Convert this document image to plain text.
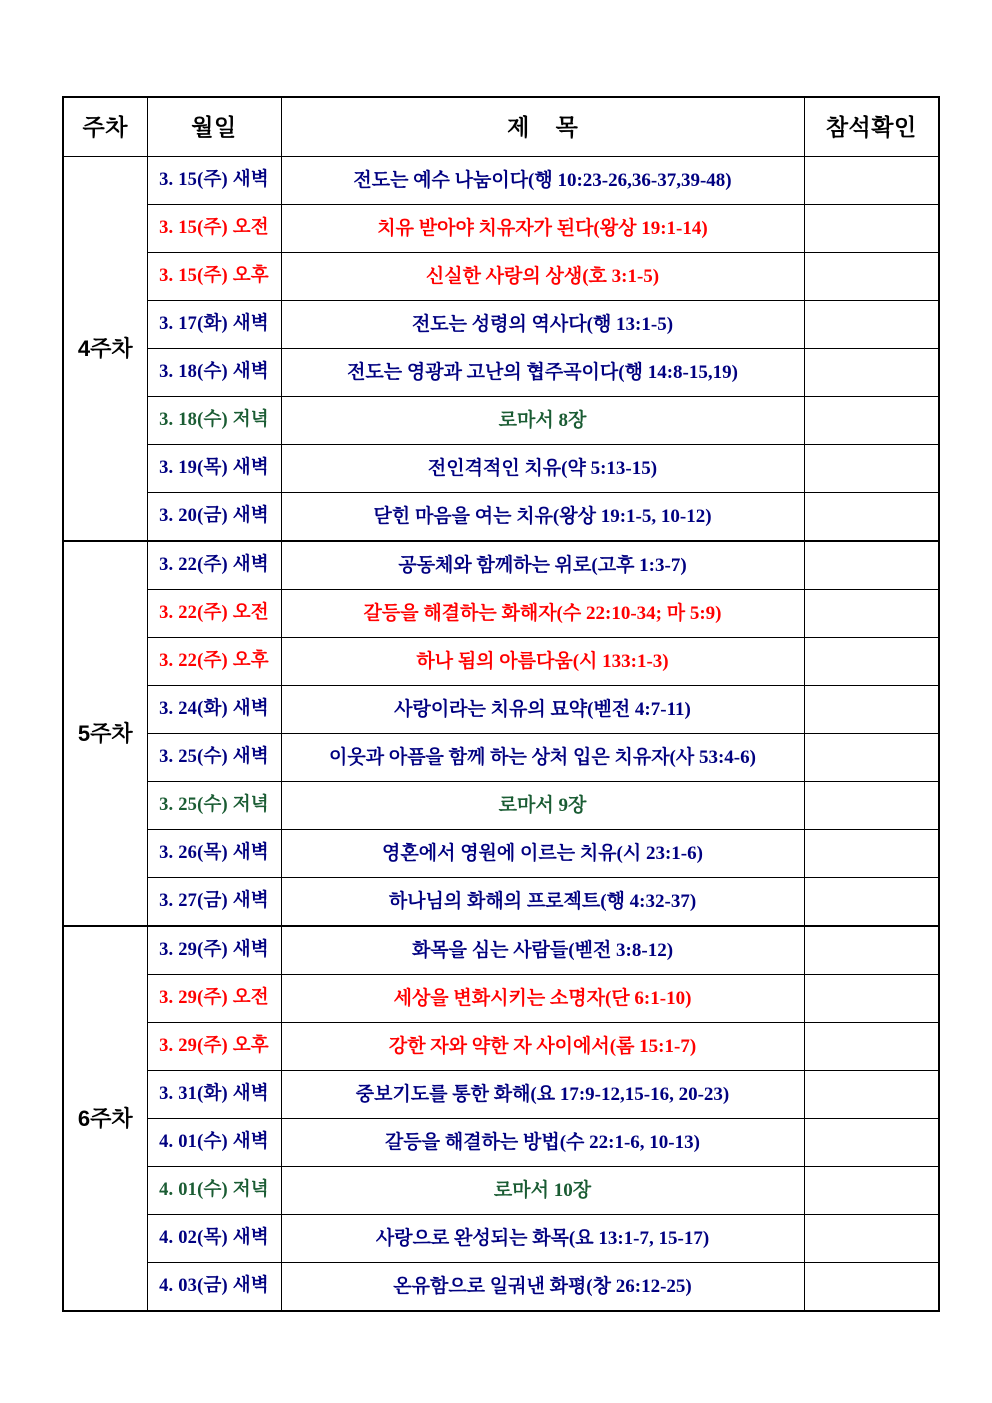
주차	월일	제 목	참석확인
4주차	3. 15(주) 새벽	전도는 예수 나눔이다(행 10:23-26,36-37,39-48)	
	3. 15(주) 오전	치유 받아야 치유자가 된다(왕상 19:1-14)	
	3. 15(주) 오후	신실한 사랑의 상생(호 3:1-5)	
	3. 17(화) 새벽	전도는 성령의 역사다(행 13:1-5)	
	3. 18(수) 새벽	전도는 영광과 고난의 협주곡이다(행 14:8-15,19)	
	3. 18(수) 저녁	로마서 8장	
	3. 19(목) 새벽	전인격적인 치유(약 5:13-15)	
	3. 20(금) 새벽	닫힌 마음을 여는 치유(왕상 19:1-5, 10-12)	
5주차	3. 22(주) 새벽	공동체와 함께하는 위로(고후 1:3-7)	
	3. 22(주) 오전	갈등을 해결하는 화해자(수 22:10-34; 마 5:9)	
	3. 22(주) 오후	하나 됨의 아름다움(시 133:1-3)	
	3. 24(화) 새벽	사랑이라는 치유의 묘약(벧전 4:7-11)	
	3. 25(수) 새벽	이웃과 아픔을 함께 하는 상처 입은 치유자(사 53:4-6)	
	3. 25(수) 저녁	로마서 9장	
	3. 26(목) 새벽	영혼에서 영원에 이르는 치유(시 23:1-6)	
	3. 27(금) 새벽	하나님의 화해의 프로젝트(행 4:32-37)	
6주차	3. 29(주) 새벽	화목을 심는 사람들(벧전 3:8-12)	
	3. 29(주) 오전	세상을 변화시키는 소명자(단 6:1-10)	
	3. 29(주) 오후	강한 자와 약한 자 사이에서(롬 15:1-7)	
	3. 31(화) 새벽	중보기도를 통한 화해(요 17:9-12,15-16, 20-23)	
	4. 01(수) 새벽	갈등을 해결하는 방법(수 22:1-6, 10-13)	
	4. 01(수) 저녁	로마서 10장	
	4. 02(목) 새벽	사랑으로 완성되는 화목(요 13:1-7, 15-17)	
	4. 03(금) 새벽	온유함으로 일궈낸 화평(창 26:12-25)	
